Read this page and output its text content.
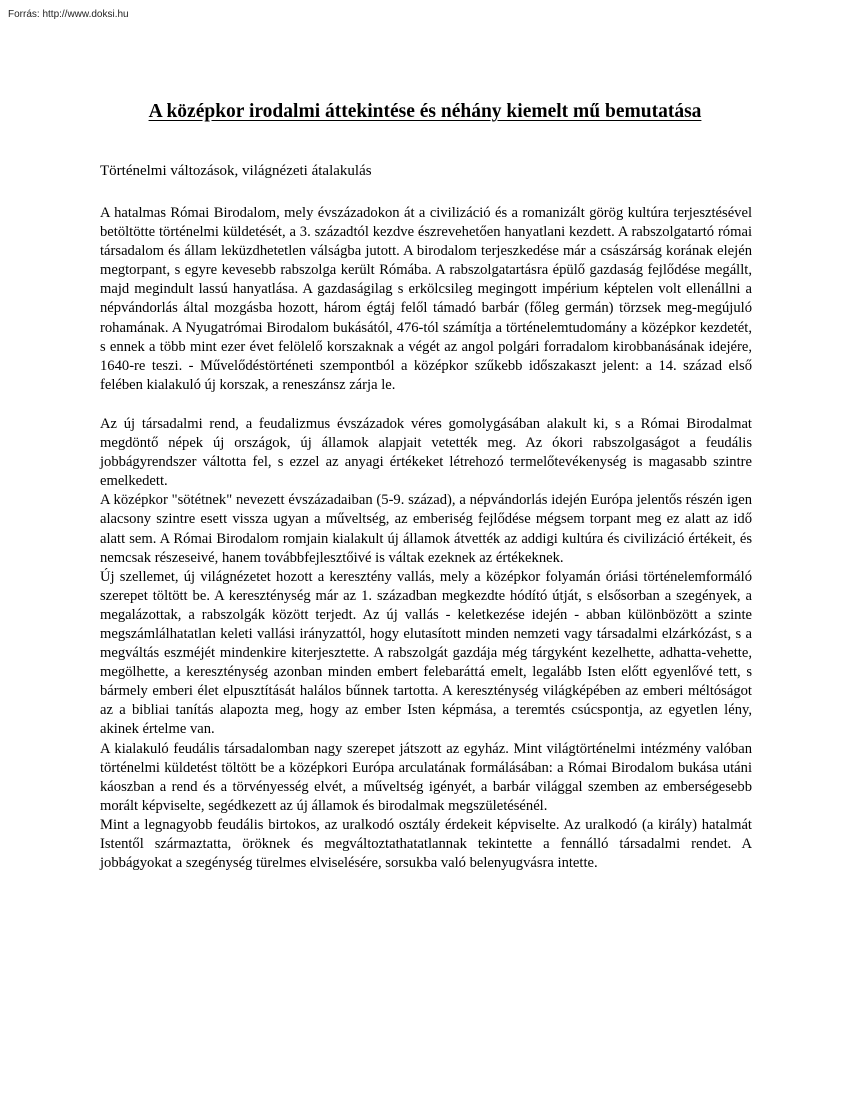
Forrás: http://www.doksi.hu
A középkor irodalmi áttekintése és néhány kiemelt mű bemutatása

Történelmi változások, világnézeti átalakulás

A hatalmas Római Birodalom, mely évszázadokon át a civilizáció és a romanizált görög kultúra terjesztésével betöltötte történelmi küldetését, a 3. századtól kezdve észrevehetően hanyatlani kezdett. A rabszolgatartó római társadalom és állam leküzdhetetlen válságba jutott. A birodalom terjeszkedése már a császárság korának elején megtorpant, s egyre kevesebb rabszolga került Rómába. A rabszolgatartásra épülő gazdaság fejlődése megállt, majd megindult lassú hanyatlása. A gazdaságilag s erkölcsileg megingott impérium képtelen volt ellenállni a népvándorlás által mozgásba hozott, három égtáj felől támadó barbár (főleg germán) törzsek meg-megújuló rohamának. A Nyugatrómai Birodalom bukásától, 476-tól számítja a történelemtudomány a középkor kezdetét, s ennek a több mint ezer évet felölelő korszaknak a végét az angol polgári forradalom kirobbanásának idejére, 1640-re teszi. - Művelődéstörténeti szempontból a középkor szűkebb időszakaszt jelent: a 14. század első felében kialakuló új korszak, a reneszánsz zárja le.

Az új társadalmi rend, a feudalizmus évszázadok véres gomolygásában alakult ki, s a Római Birodalmat megdöntő népek új országok, új államok alapjait vetették meg. Az ókori rabszolgaságot a feudális jobbágyrendszer váltotta fel, s ezzel az anyagi értékeket létrehozó termelőtevékenység is magasabb szintre emelkedett.

A középkor "sötétnek" nevezett évszázadaiban (5-9. század), a népvándorlás idején Európa jelentős részén igen alacsony szintre esett vissza ugyan a műveltség, az emberiség fejlődése mégsem torpant meg ez alatt az idő alatt sem. A Római Birodalom romjain kialakult új államok átvették az addigi kultúra és civilizáció értékeit, és nemcsak részeseivé, hanem továbbfejlesztőivé is váltak ezeknek az értékeknek.

Új szellemet, új világnézetet hozott a keresztény vallás, mely a középkor folyamán óriási történelemformáló szerepet töltött be. A kereszténység már az 1. században megkezdte hódító útját, s elsősorban a szegények, a megalázottak, a rabszolgák között terjedt. Az új vallás - keletkezése idején - abban különbözött a szinte megszámlálhatatlan keleti vallási irányzattól, hogy elutasított minden nemzeti vagy társadalmi elzárkózást, s a megváltás eszméjét mindenkire kiterjesztette. A rabszolgát gazdája még tárgyként kezelhette, adhatta-vehette, megölhette, a kereszténység azonban minden embert felebaráttá emelt, legalább Isten előtt egyenlővé tett, s bármely emberi élet elpusztítását halálos bűnnek tartotta. A kereszténység világképében az emberi méltóságot az a bibliai tanítás alapozta meg, hogy az ember Isten képmása, a teremtés csúcspontja, az egyetlen lény, akinek értelme van.

A kialakuló feudális társadalomban nagy szerepet játszott az egyház. Mint világtörténelmi intézmény valóban történelmi küldetést töltött be a középkori Európa arculatának formálásában: a Római Birodalom bukása utáni káoszban a rend és a törvényesség elvét, a műveltség igényét, a barbár világgal szemben az emberségesebb morált képviselte, segédkezett az új államok és birodalmak megszületésénél.

Mint a legnagyobb feudális birtokos, az uralkodó osztály érdekeit képviselte. Az uralkodó (a király) hatalmát Istentől származtatta, öröknek és megváltoztathatatlannak tekintette a fennálló társadalmi rendet. A jobbágyokat a szegénység türelmes elviselésére, sorsukba való belenyugvásra intette.
